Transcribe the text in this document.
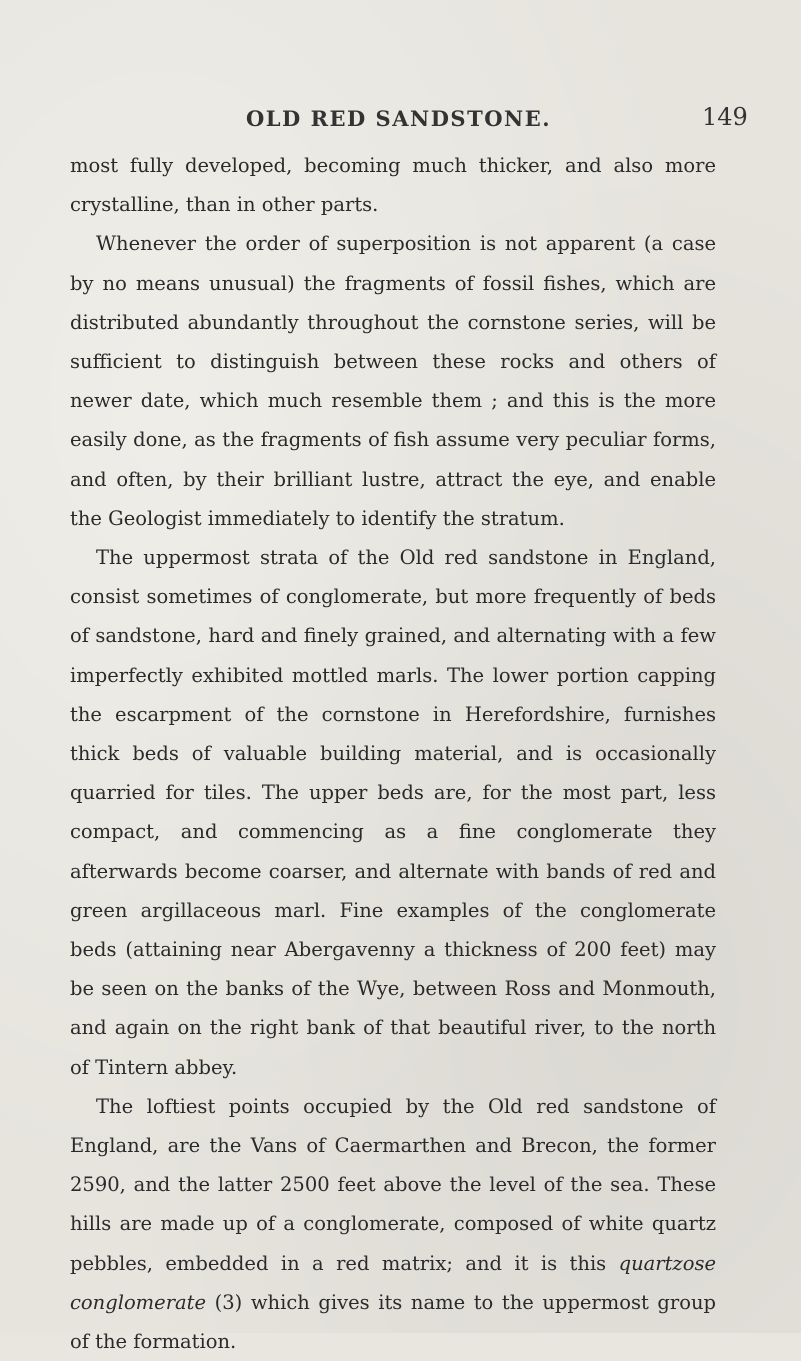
OLD RED SANDSTONE.	149

most fully developed, becoming much thicker, and also more crystalline, than in other parts.

Whenever the order of superposition is not apparent (a case by no means unusual) the fragments of fossil fishes, which are distributed abundantly throughout the cornstone series, will be sufficient to distinguish between these rocks and others of newer date, which much resemble them ; and this is the more easily done, as the fragments of fish assume very peculiar forms, and often, by their brilliant lustre, attract the eye, and enable the Geologist immediately to identify the stratum.

The uppermost strata of the Old red sandstone in England, consist sometimes of conglomerate, but more frequently of beds of sandstone, hard and finely grained, and alternating with a few imperfectly exhibited mottled marls. The lower portion capping the escarpment of the cornstone in Herefordshire, furnishes thick beds of valuable building material, and is occasionally quarried for tiles. The upper beds are, for the most part, less compact, and commencing as a fine conglomerate they afterwards become coarser, and alternate with bands of red and green argillaceous marl. Fine examples of the conglomerate beds (attaining near Abergavenny a thickness of 200 feet) may be seen on the banks of the Wye, between Ross and Monmouth, and again on the right bank of that beautiful river, to the north of Tintern abbey.

The loftiest points occupied by the Old red sandstone of England, are the Vans of Caermarthen and Brecon, the former 2590, and the latter 2500 feet above the level of the sea. These hills are made up of a conglomerate, composed of white quartz pebbles, embedded in a red matrix; and it is this quartzose conglomerate (3) which gives its name to the uppermost group of the formation.
